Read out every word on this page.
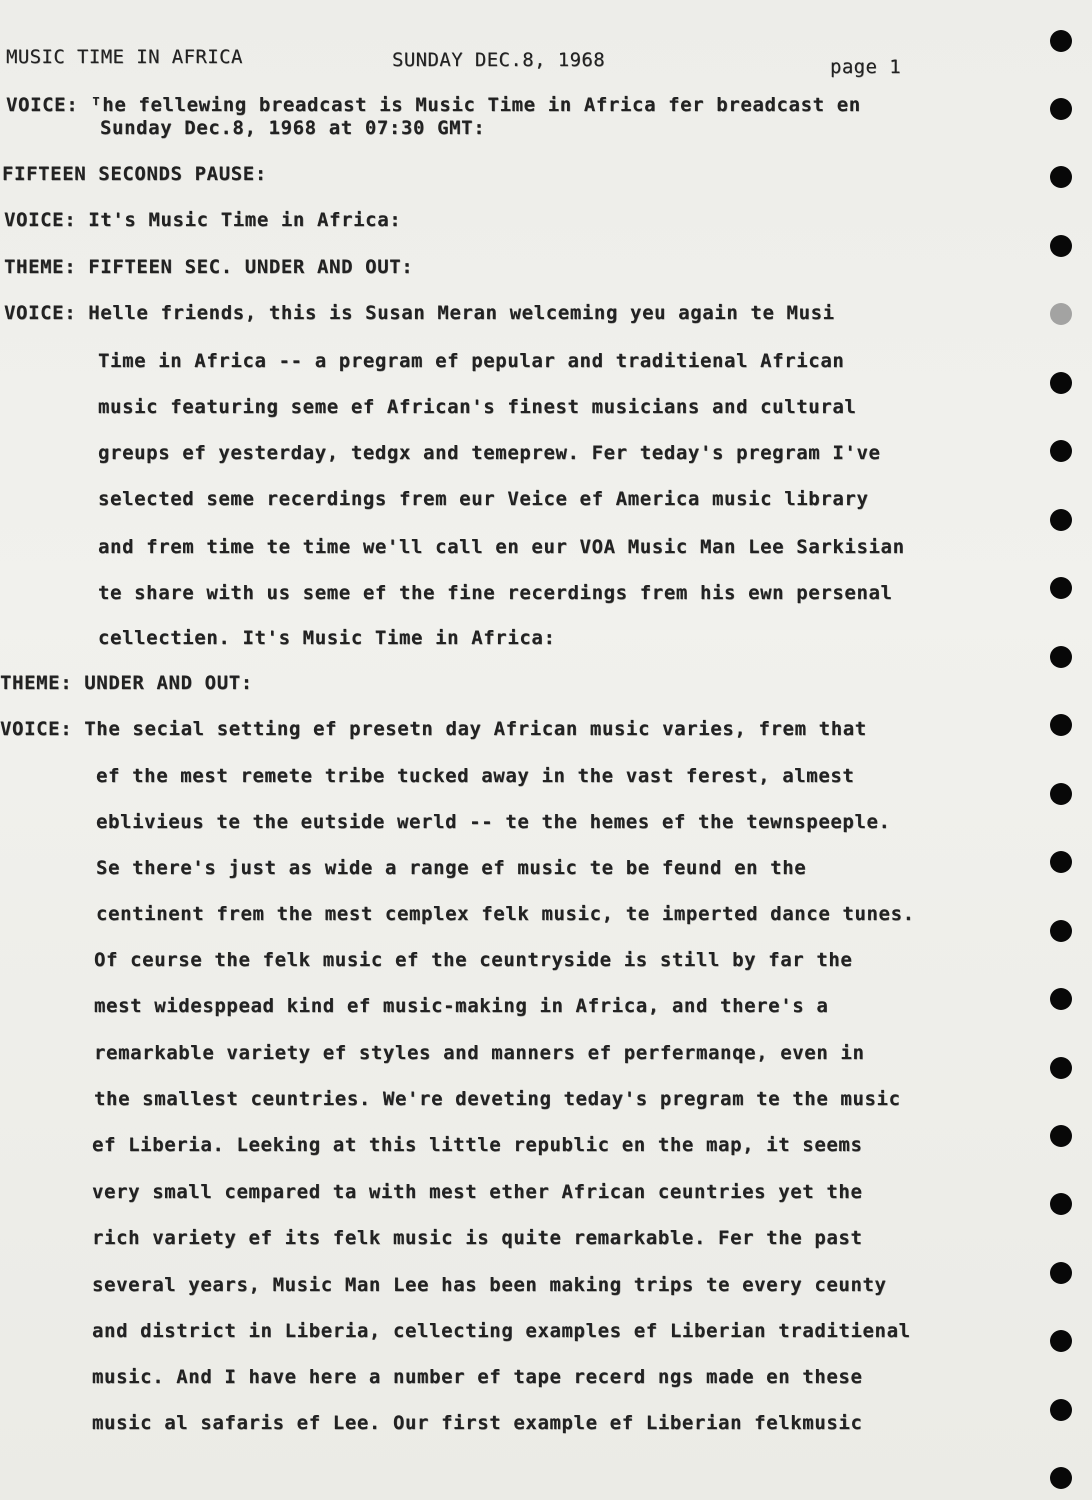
MUSIC TIME IN AFRICA	SUNDAY DEC.8, 1968	page 1
VOICE: ᵀhe fellewing breadcast is Music Time in Africa fer breadcast en
Sunday Dec.8, 1968 at 07:30 GMT:
FIFTEEN SECONDS PAUSE:
VOICE: It's Music Time in Africa:
THEME: FIFTEEN SEC. UNDER AND OUT:
VOICE: Helle friends, this is Susan Meran welceming yeu again te Musi
Time in Africa -- a pregram ef pepular and traditienal African
music featuring seme ef African's finest musicians and cultural
greups ef yesterday, tedgx and temeprew. Fer teday's pregram I've
selected seme recerdings frem eur Veice ef America music library
and frem time te time we'll call en eur VOA Music Man Lee Sarkisian
te share with us seme ef the fine recerdings frem his ewn persenal
cellectien. It's Music Time in Africa:
THEME: UNDER AND OUT:
VOICE: The secial setting ef presetn day African music varies, frem that
ef the mest remete tribe tucked away in the vast ferest, almest
eblivieus te the eutside werld -- te the hemes ef the tewnspeeple.
Se there's just as wide a range ef music te be feund en the
centinent frem the mest cemplex felk music, te imperted dance tunes.
Of ceurse the felk music ef the ceuntryside is still by far the
mest widesppead kind ef music-making in Africa, and there's a
remarkable variety ef styles and manners ef perfermanqe, even in
the smallest ceuntries. We're deveting teday's pregram te the music
ef Liberia. Leeking at this little republic en the map, it seems
very small cempared ta with mest ether African ceuntries yet the
rich variety ef its felk music is quite remarkable. Fer the past
several years, Music Man Lee has been making trips te every ceunty
and district in Liberia, cellecting examples ef Liberian traditienal
music. And I have here a number ef tape recerd ngs made en these
music al safaris ef Lee. Our first example ef Liberian felkmusic
